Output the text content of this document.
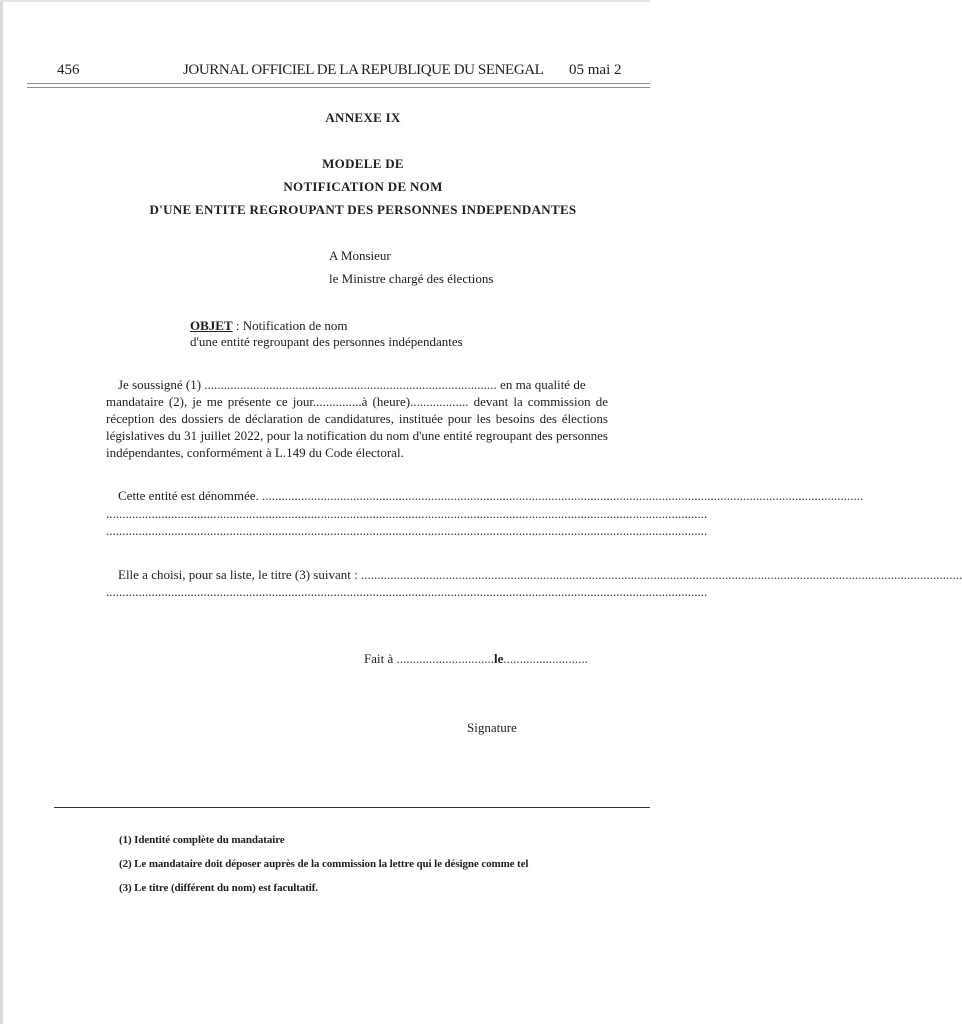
456	JOURNAL OFFICIEL DE LA REPUBLIQUE DU SENEGAL 05 mai 2
ANNEXE IX
MODELE DE
NOTIFICATION DE NOM
D'UNE ENTITE REGROUPANT DES PERSONNES INDEPENDANTES
A Monsieur
le Ministre chargé des élections
OBJET : Notification de nom
d'une entité regroupant des personnes indépendantes
Je soussigné (1) .......................................................................................... en ma qualité de
mandataire (2), je me présente ce jour...............à (heure).................. devant la commission de réception des dossiers de déclaration de candidatures, instituée pour les besoins des élections législatives du 31 juillet 2022, pour la notification du nom d'une entité regroupant des personnes indépendantes, conformément à L.149 du Code électoral.
Cette entité est dénommée. .........................................................................................................................................................................................
.........................................................................................................................................................................................
.........................................................................................................................................................................................
Elle a choisi, pour sa liste, le titre (3) suivant : .........................................................................................................................................................................................
.........................................................................................................................................................................................
Fait à ..............................le..........................
Signature
(1) Identité complète du mandataire
(2) Le mandataire doit déposer auprès de la commission la lettre qui le désigne comme tel
(3) Le titre (différent du nom) est facultatif.
